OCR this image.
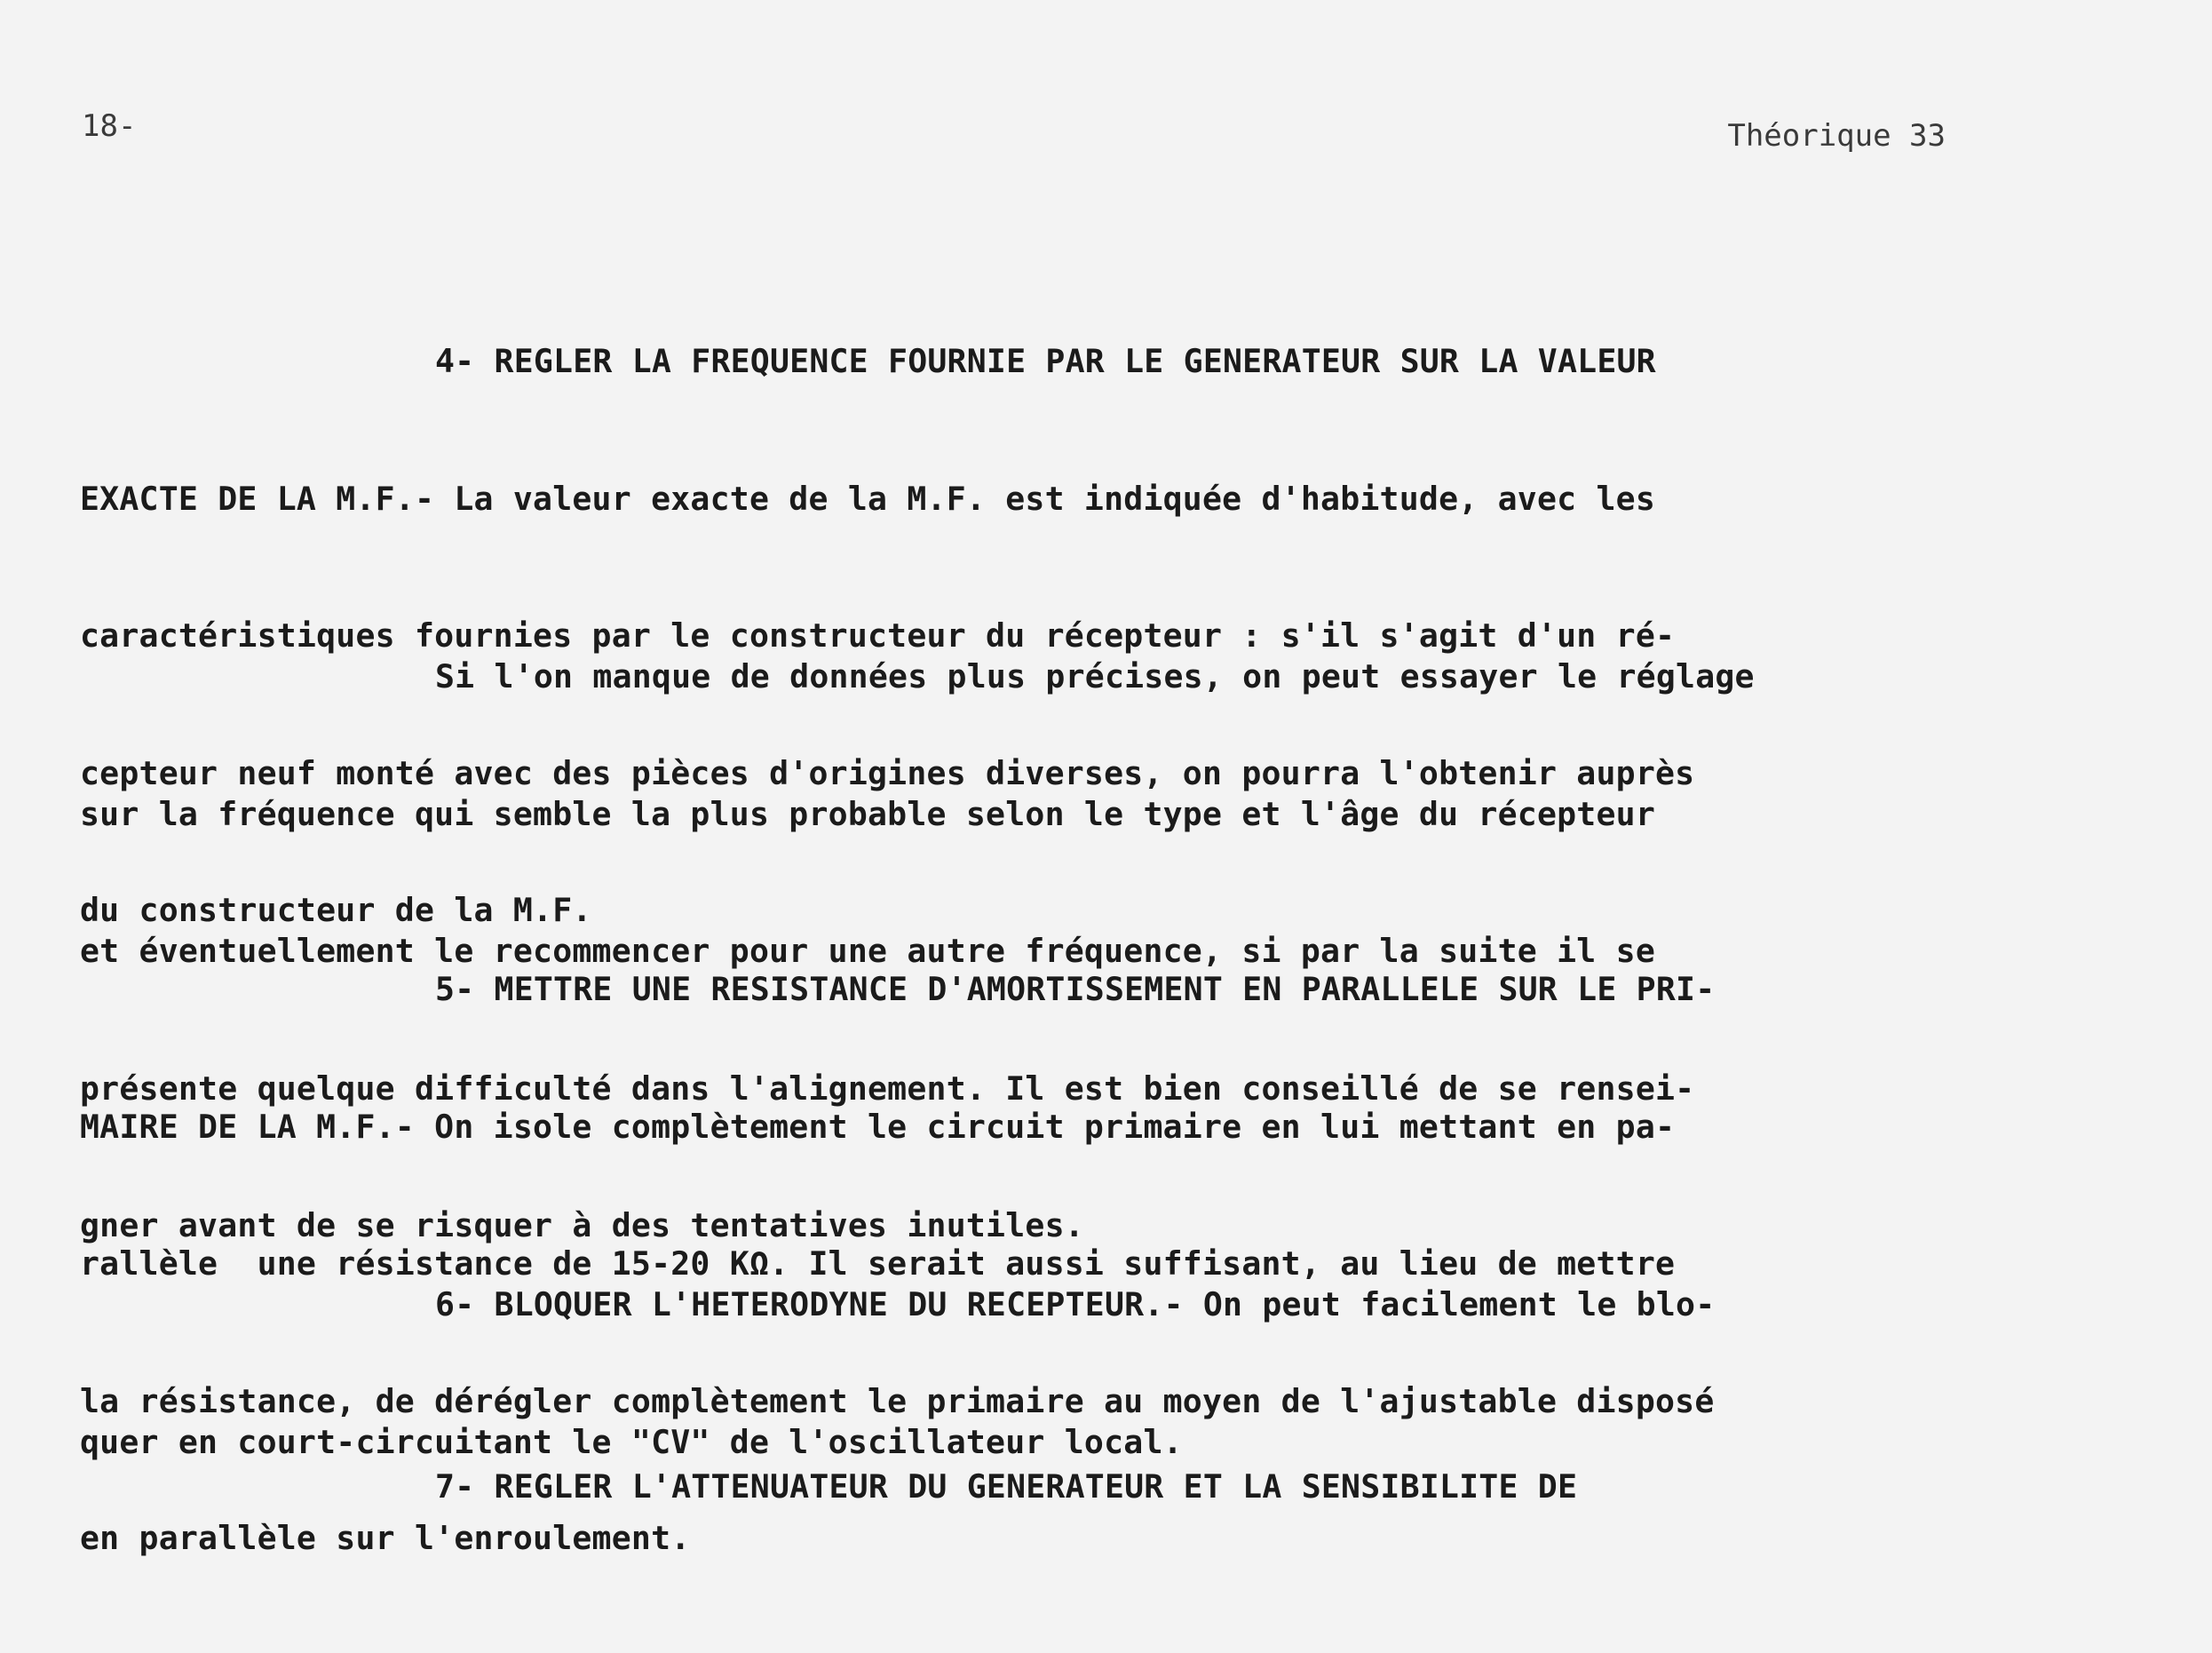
18-	Théorique 33

4- REGLER LA FREQUENCE FOURNIE PAR LE GENERATEUR SUR LA VALEUR

EXACTE DE LA M.F.- La valeur exacte de la M.F. est indiquée d'habitude, avec les

caractéristiques fournies par le constructeur du récepteur : s'il s'agit d'un ré-

cepteur neuf monté avec des pièces d'origines diverses, on pourra l'obtenir auprès

du constructeur de la M.F.

Si l'on manque de données plus précises, on peut essayer le réglage

sur la fréquence qui semble la plus probable selon le type et l'âge du récepteur

et éventuellement le recommencer pour une autre fréquence, si par la suite il se

présente quelque difficulté dans l'alignement. Il est bien conseillé de se rensei-

gner avant de se risquer à des tentatives inutiles.

5- METTRE UNE RESISTANCE D'AMORTISSEMENT EN PARALLELE SUR LE PRI-

MAIRE DE LA M.F.- On isole complètement le circuit primaire en lui mettant en pa-

rallèle  une résistance de 15-20 KΩ. Il serait aussi suffisant, au lieu de mettre

la résistance, de dérégler complètement le primaire au moyen de l'ajustable disposé

en parallèle sur l'enroulement.

6- BLOQUER L'HETERODYNE DU RECEPTEUR.- On peut facilement le blo-

quer en court-circuitant le "CV" de l'oscillateur local.

7- REGLER L'ATTENUATEUR DU GENERATEUR ET LA SENSIBILITE DE
